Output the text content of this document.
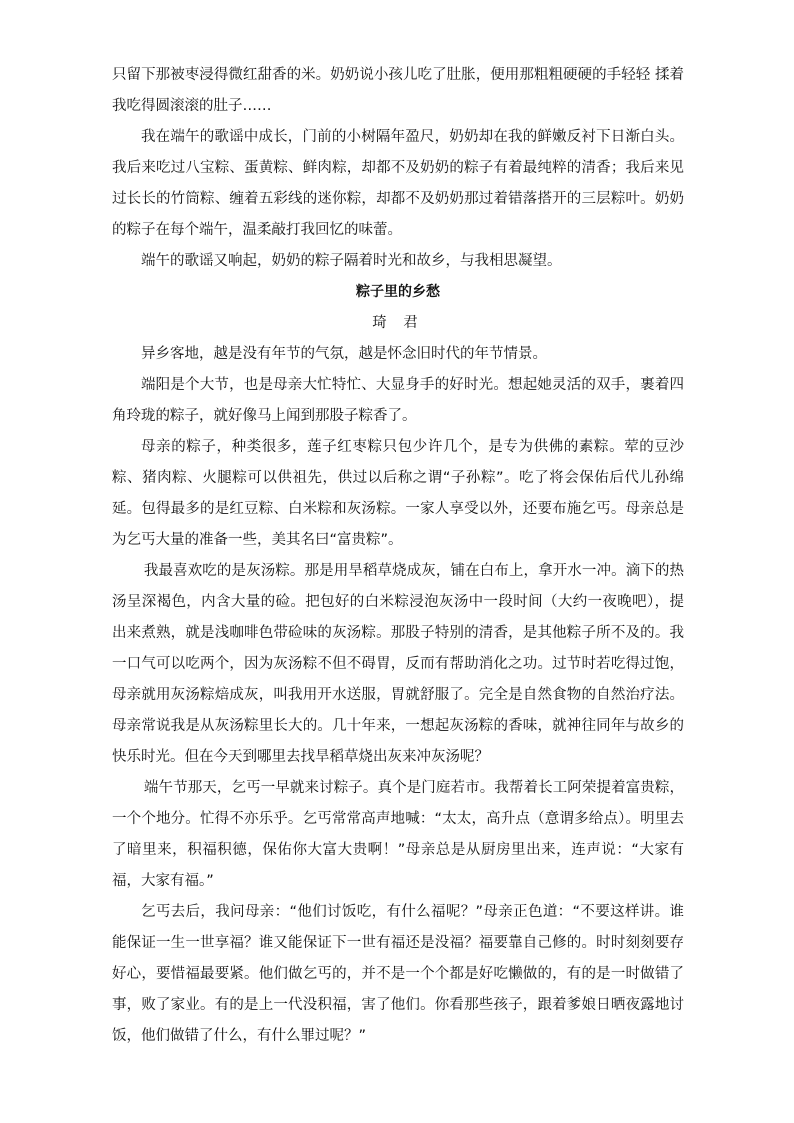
只留下那被枣浸得微红甜香的米。奶奶说小孩儿吃了肚胀，便用那粗粗硬硬的手轻轻 揉着我吃得圆滚滚的肚子……

我在端午的歌谣中成长，门前的小树隔年盈尺，奶奶却在我的鲜嫩反衬下日渐白头。我后来吃过八宝粽、蛋黄粽、鲜肉粽，却都不及奶奶的粽子有着最纯粹的清香；我后来见过长长的竹筒粽、缠着五彩线的迷你粽，却都不及奶奶那过着错落搭开的三层粽叶。奶奶的粽子在每个端午，温柔敲打我回忆的味蕾。

端午的歌谣又响起，奶奶的粽子隔着时光和故乡，与我相思凝望。

粽子里的乡愁

琦 君

异乡客地，越是没有年节的气氛，越是怀念旧时代的年节情景。

端阳是个大节，也是母亲大忙特忙、大显身手的好时光。想起她灵活的双手，裹着四角玲珑的粽子，就好像马上闻到那股子粽香了。

母亲的粽子，种类很多，莲子红枣粽只包少许几个，是专为供佛的素粽。荤的豆沙粽、猪肉粽、火腿粽可以供祖先，供过以后称之谓“子孙粽”。吃了将会保佑后代儿孙绵延。包得最多的是红豆粽、白米粽和灰汤粽。一家人享受以外，还要布施乞丐。母亲总是为乞丐大量的准备一些，美其名曰“富贵粽”。

我最喜欢吃的是灰汤粽。那是用旱稻草烧成灰，铺在白布上，拿开水一冲。滴下的热汤呈深褐色，内含大量的硷。把包好的白米粽浸泡灰汤中一段时间（大约一夜晚吧），提出来煮熟，就是浅咖啡色带硷味的灰汤粽。那股子特别的清香，是其他粽子所不及的。我一口气可以吃两个，因为灰汤粽不但不碍胃，反而有帮助消化之功。过节时若吃得过饱，母亲就用灰汤粽焙成灰，叫我用开水送服，胃就舒服了。完全是自然食物的自然治疗法。母亲常说我是从灰汤粽里长大的。几十年来，一想起灰汤粽的香味，就神往同年与故乡的快乐时光。但在今天到哪里去找旱稻草烧出灰来冲灰汤呢？

端午节那天，乞丐一早就来讨粽子。真个是门庭若市。我帮着长工阿荣提着富贵粽，一个个地分。忙得不亦乐乎。乞丐常常高声地喊：“太太，高升点（意谓多给点）。明里去了暗里来，积福积德，保佑你大富大贵啊！”母亲总是从厨房里出来，连声说：“大家有福，大家有福。”

乞丐去后，我问母亲：“他们讨饭吃，有什么福呢？”母亲正色道：“不要这样讲。谁能保证一生一世享福？谁又能保证下一世有福还是没福？福要靠自己修的。时时刻刻要存好心，要惜福最要紧。他们做乞丐的，并不是一个个都是好吃懒做的，有的是一时做错了事，败了家业。有的是上一代没积福，害了他们。你看那些孩子，跟着爹娘日晒夜露地讨饭，他们做错了什么，有什么罪过呢？”
